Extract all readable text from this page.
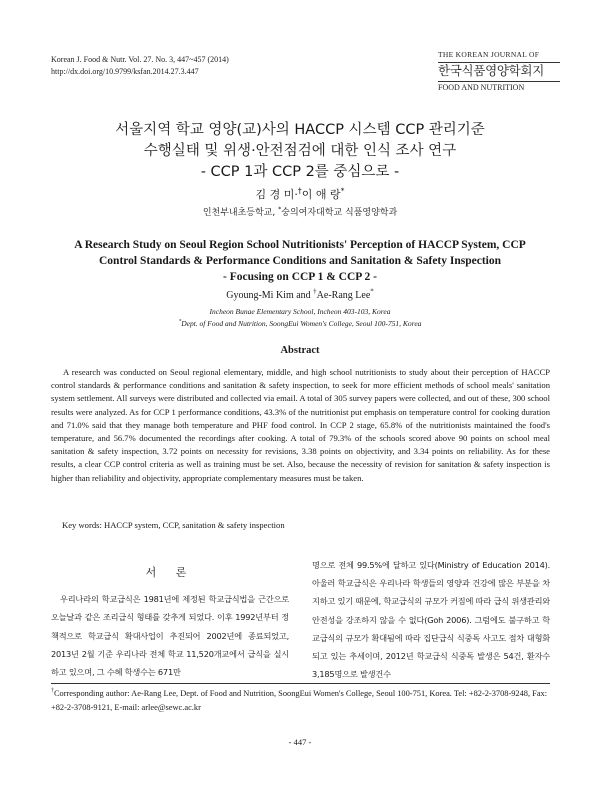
Korean J. Food & Nutr. Vol. 27. No. 3, 447~457 (2014)
http://dx.doi.org/10.9799/ksfan.2014.27.3.447
THE KOREAN JOURNAL OF
한국식품영양학회지
FOOD AND NUTRITION
서울지역 학교 영양(교)사의 HACCP 시스템 CCP 관리기준
수행실태 및 위생·안전점검에 대한 인식 조사 연구
- CCP 1과 CCP 2를 중심으로 -
김 경 미·†이 애 랑*
인천부내초등학교, *숭의여자대학교 식품영양학과
A Research Study on Seoul Region School Nutritionists' Perception of HACCP System, CCP
Control Standards & Performance Conditions and Sanitation & Safety Inspection
- Focusing on CCP 1 & CCP 2 -
Gyoung-Mi Kim and †Ae-Rang Lee*
Incheon Bunae Elementary School, Incheon 403-103, Korea
*Dept. of Food and Nutrition, SoongEui Women's College, Seoul 100-751, Korea
Abstract
A research was conducted on Seoul regional elementary, middle, and high school nutritionists to study about their perception of HACCP control standards & performance conditions and sanitation & safety inspection, to seek for more efficient methods of school meals' sanitation system settlement. All surveys were distributed and collected via email. A total of 305 survey papers were collected, and out of these, 300 school results were analyzed. As for CCP 1 performance conditions, 43.3% of the nutritionist put emphasis on temperature control for cooking duration and 71.0% said that they manage both temperature and PHF food control. In CCP 2 stage, 65.8% of the nutritionists maintained the food's temperature, and 56.7% documented the recordings after cooking. A total of 79.3% of the schools scored above 90 points on school meal sanitation & safety inspection, 3.72 points on necessity for revisions, 3.38 points on objectivity, and 3.34 points on reliability. As for these results, a clear CCP control criteria as well as training must be set. Also, because the necessity of revision for sanitation & safety inspection is higher than reliability and objectivity, appropriate complementary measures must be taken.
Key words: HACCP system, CCP, sanitation & safety inspection
서 론

우리나라의 학교급식은 1981년에 제정된 학교급식법을 근간으로 오늘날과 같은 조리급식 형태를 갖추게 되었다. 이후 1992년부터 정책적으로 학교급식 확대사업이 추진되어 2002년에 종료되었고, 2013년 2월 기준 우리나라 전체 학교 11,520개교에서 급식을 실시하고 있으며, 그 수혜 학생수는 671만

명으로 전체 99.5%에 달하고 있다(Ministry of Education 2014). 아울러 학교급식은 우리나라 학생들의 영양과 건강에 많은 부분을 차지하고 있기 때문에, 학교급식의 규모가 커짐에 따라 급식 위생관리와 안전성을 강조하지 않을 수 없다(Goh 2006). 그럼에도 불구하고 학교급식의 규모가 확대됨에 따라 집단급식 식중독 사고도 점차 대형화되고 있는 추세이며, 2012년 학교급식 식중독 발생은 54건, 환자수 3,185명으로 발생건수

†Corresponding author: Ae-Rang Lee, Dept. of Food and Nutrition, SoongEui Women's College, Seoul 100-751, Korea. Tel: +82-2-3708-9248, Fax: +82-2-3708-9121, E-mail: arlee@sewc.ac.kr
- 447 -
